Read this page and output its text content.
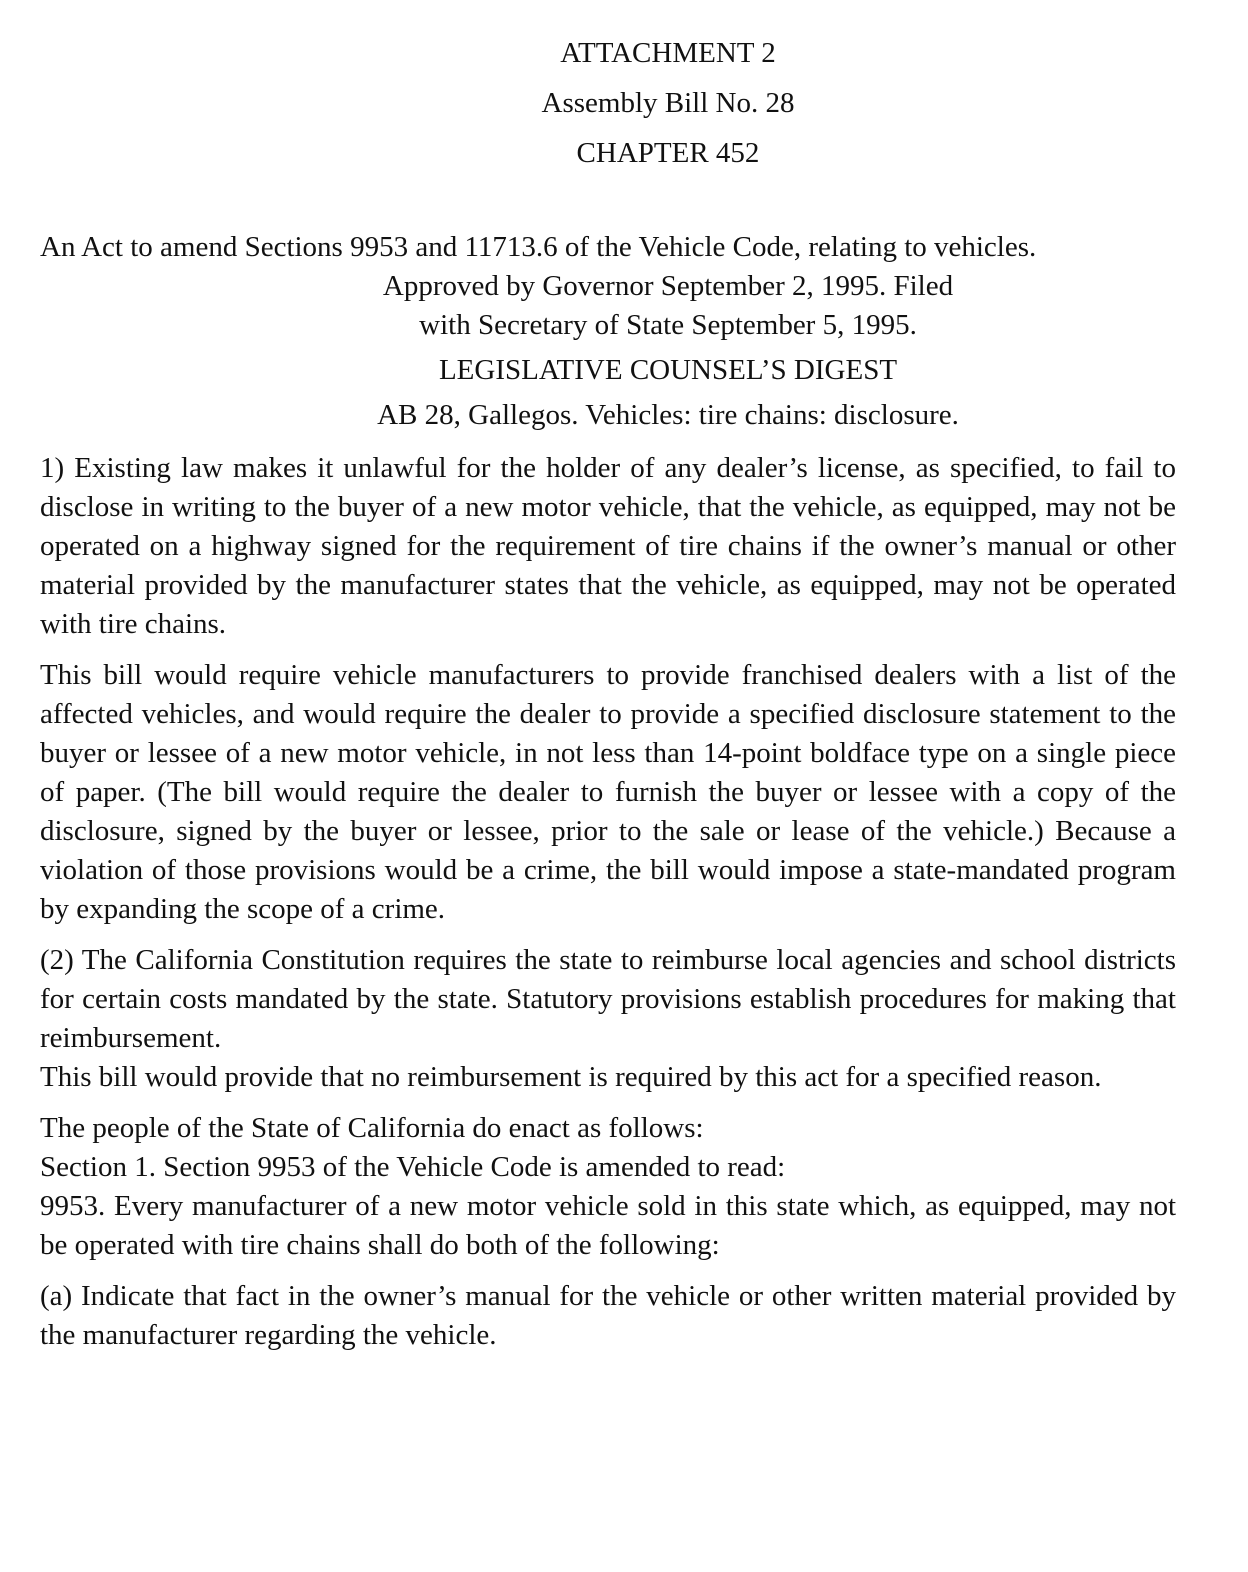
ATTACHMENT 2
Assembly Bill No. 28
CHAPTER 452
An Act to amend Sections 9953 and 11713.6 of the Vehicle Code, relating to vehicles.
Approved by Governor September 2, 1995. Filed
with Secretary of State September 5, 1995.
LEGISLATIVE COUNSEL’S DIGEST
AB 28, Gallegos. Vehicles: tire chains: disclosure.

1) Existing law makes it unlawful for the holder of any dealer’s license, as specified, to fail to disclose in writing to the buyer of a new motor vehicle, that the vehicle, as equipped, may not be operated on a highway signed for the requirement of tire chains if the owner’s manual or other material provided by the manufacturer states that the vehicle, as equipped, may not be operated with tire chains.

This bill would require vehicle manufacturers to provide franchised dealers with a list of the affected vehicles, and would require the dealer to provide a specified disclosure statement to the buyer or lessee of a new motor vehicle, in not less than 14-point boldface type on a single piece of paper. (The bill would require the dealer to furnish the buyer or lessee with a copy of the disclosure, signed by the buyer or lessee, prior to the sale or lease of the vehicle.) Because a violation of those provisions would be a crime, the bill would impose a state-mandated program by expanding the scope of a crime.

(2) The California Constitution requires the state to reimburse local agencies and school districts for certain costs mandated by the state. Statutory provisions establish procedures for making that reimbursement.

This bill would provide that no reimbursement is required by this act for a specified reason.

The people of the State of California do enact as follows:

Section 1. Section 9953 of the Vehicle Code is amended to read:

9953. Every manufacturer of a new motor vehicle sold in this state which, as equipped, may not be operated with tire chains shall do both of the following:

(a) Indicate that fact in the owner’s manual for the vehicle or other written material provided by the manufacturer regarding the vehicle.
